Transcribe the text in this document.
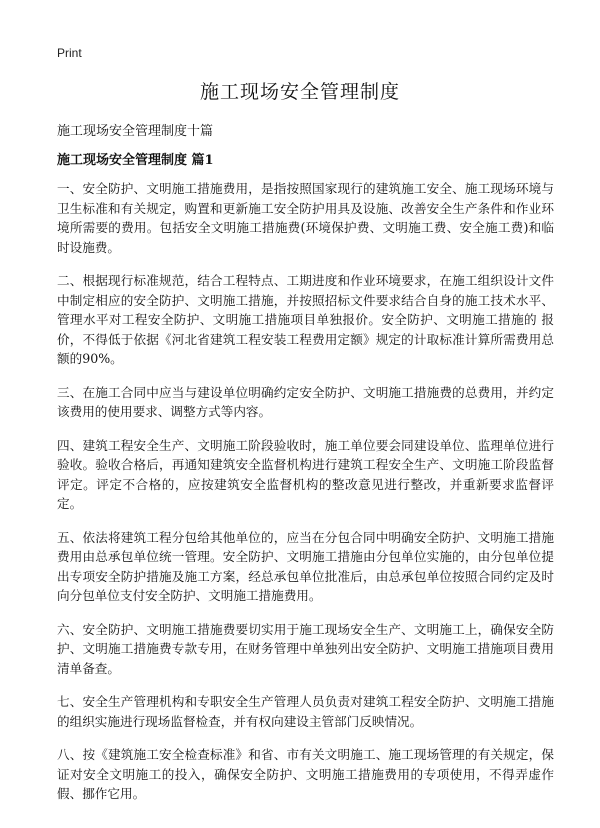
Print
施工现场安全管理制度

施工现场安全管理制度十篇

施工现场安全管理制度 篇1

一、安全防护、文明施工措施费用，是指按照国家现行的建筑施工安全、施工现场环境与卫生标准和有关规定，购置和更新施工安全防护用具及设施、改善安全生产条件和作业环境所需要的费用。包括安全文明施工措施费(环境保护费、文明施工费、安全施工费)和临时设施费。

二、根据现行标准规范，结合工程特点、工期进度和作业环境要求，在施工组织设计文件中制定相应的安全防护、文明施工措施，并按照招标文件要求结合自身的施工技术水平、管理水平对工程安全防护、文明施工措施项目单独报价。安全防护、文明施工措施的 报价，不得低于依据《河北省建筑工程安装工程费用定额》规定的计取标准计算所需费用总额的90%。

三、在施工合同中应当与建设单位明确约定安全防护、文明施工措施费的总费用，并约定该费用的使用要求、调整方式等内容。

四、建筑工程安全生产、文明施工阶段验收时，施工单位要会同建设单位、监理单位进行验收。验收合格后，再通知建筑安全监督机构进行建筑工程安全生产、文明施工阶段监督评定。评定不合格的，应按建筑安全监督机构的整改意见进行整改，并重新要求监督评定。

五、依法将建筑工程分包给其他单位的，应当在分包合同中明确安全防护、文明施工措施费用由总承包单位统一管理。安全防护、文明施工措施由分包单位实施的，由分包单位提出专项安全防护措施及施工方案，经总承包单位批准后，由总承包单位按照合同约定及时向分包单位支付安全防护、文明施工措施费用。

六、安全防护、文明施工措施费要切实用于施工现场安全生产、文明施工上，确保安全防护、文明施工措施费专款专用，在财务管理中单独列出安全防护、文明施工措施项目费用清单备查。

七、安全生产管理机构和专职安全生产管理人员负责对建筑工程安全防护、文明施工措施的组织实施进行现场监督检查，并有权向建设主管部门反映情况。

八、按《建筑施工安全检查标准》和省、市有关文明施工、施工现场管理的有关规定，保证对安全文明施工的投入，确保安全防护、文明施工措施费用的专项使用，不得弄虚作假、挪作它用。
